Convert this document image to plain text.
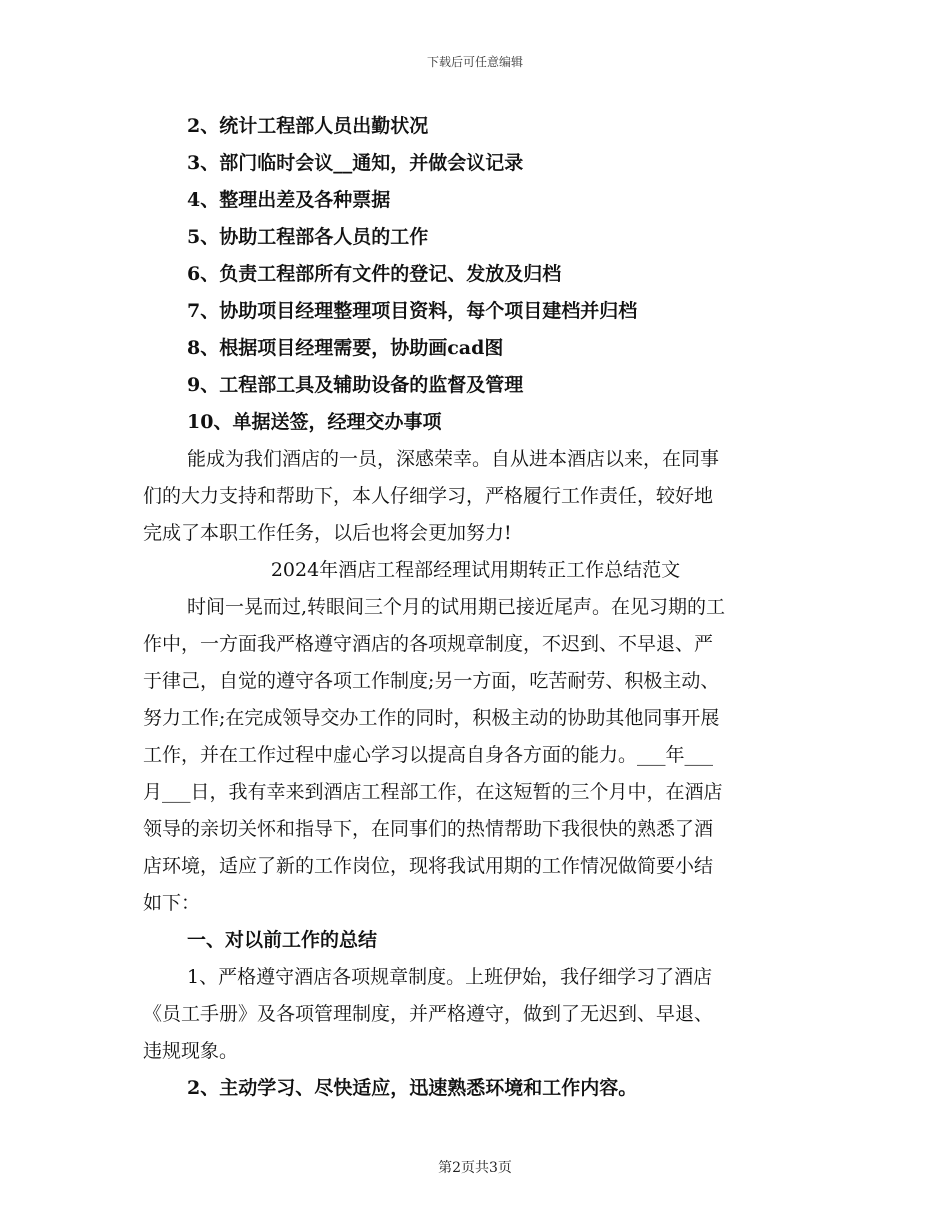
下载后可任意编辑
2、统计工程部人员出勤状况
3、部门临时会议__通知，并做会议记录
4、整理出差及各种票据
5、协助工程部各人员的工作
6、负责工程部所有文件的登记、发放及归档
7、协助项目经理整理项目资料，每个项目建档并归档
8、根据项目经理需要，协助画cad图
9、工程部工具及辅助设备的监督及管理
10、单据送签，经理交办事项
能成为我们酒店的一员，深感荣幸。自从进本酒店以来，在同事
们的大力支持和帮助下，本人仔细学习，严格履行工作责任，较好地
完成了本职工作任务，以后也将会更加努力!
2024年酒店工程部经理试用期转正工作总结范文
时间一晃而过,转眼间三个月的试用期已接近尾声。在见习期的工
作中，一方面我严格遵守酒店的各项规章制度，不迟到、不早退、严
于律己，自觉的遵守各项工作制度;另一方面，吃苦耐劳、积极主动、
努力工作;在完成领导交办工作的同时，积极主动的协助其他同事开展
工作，并在工作过程中虚心学习以提高自身各方面的能力。___年___
月___日，我有幸来到酒店工程部工作，在这短暂的三个月中，在酒店
领导的亲切关怀和指导下，在同事们的热情帮助下我很快的熟悉了酒
店环境，适应了新的工作岗位，现将我试用期的工作情况做简要小结
如下：
一、对以前工作的总结
1、严格遵守酒店各项规章制度。上班伊始，我仔细学习了酒店
《员工手册》及各项管理制度，并严格遵守，做到了无迟到、早退、
违规现象。
2、主动学习、尽快适应，迅速熟悉环境和工作内容。
第2页共3页
